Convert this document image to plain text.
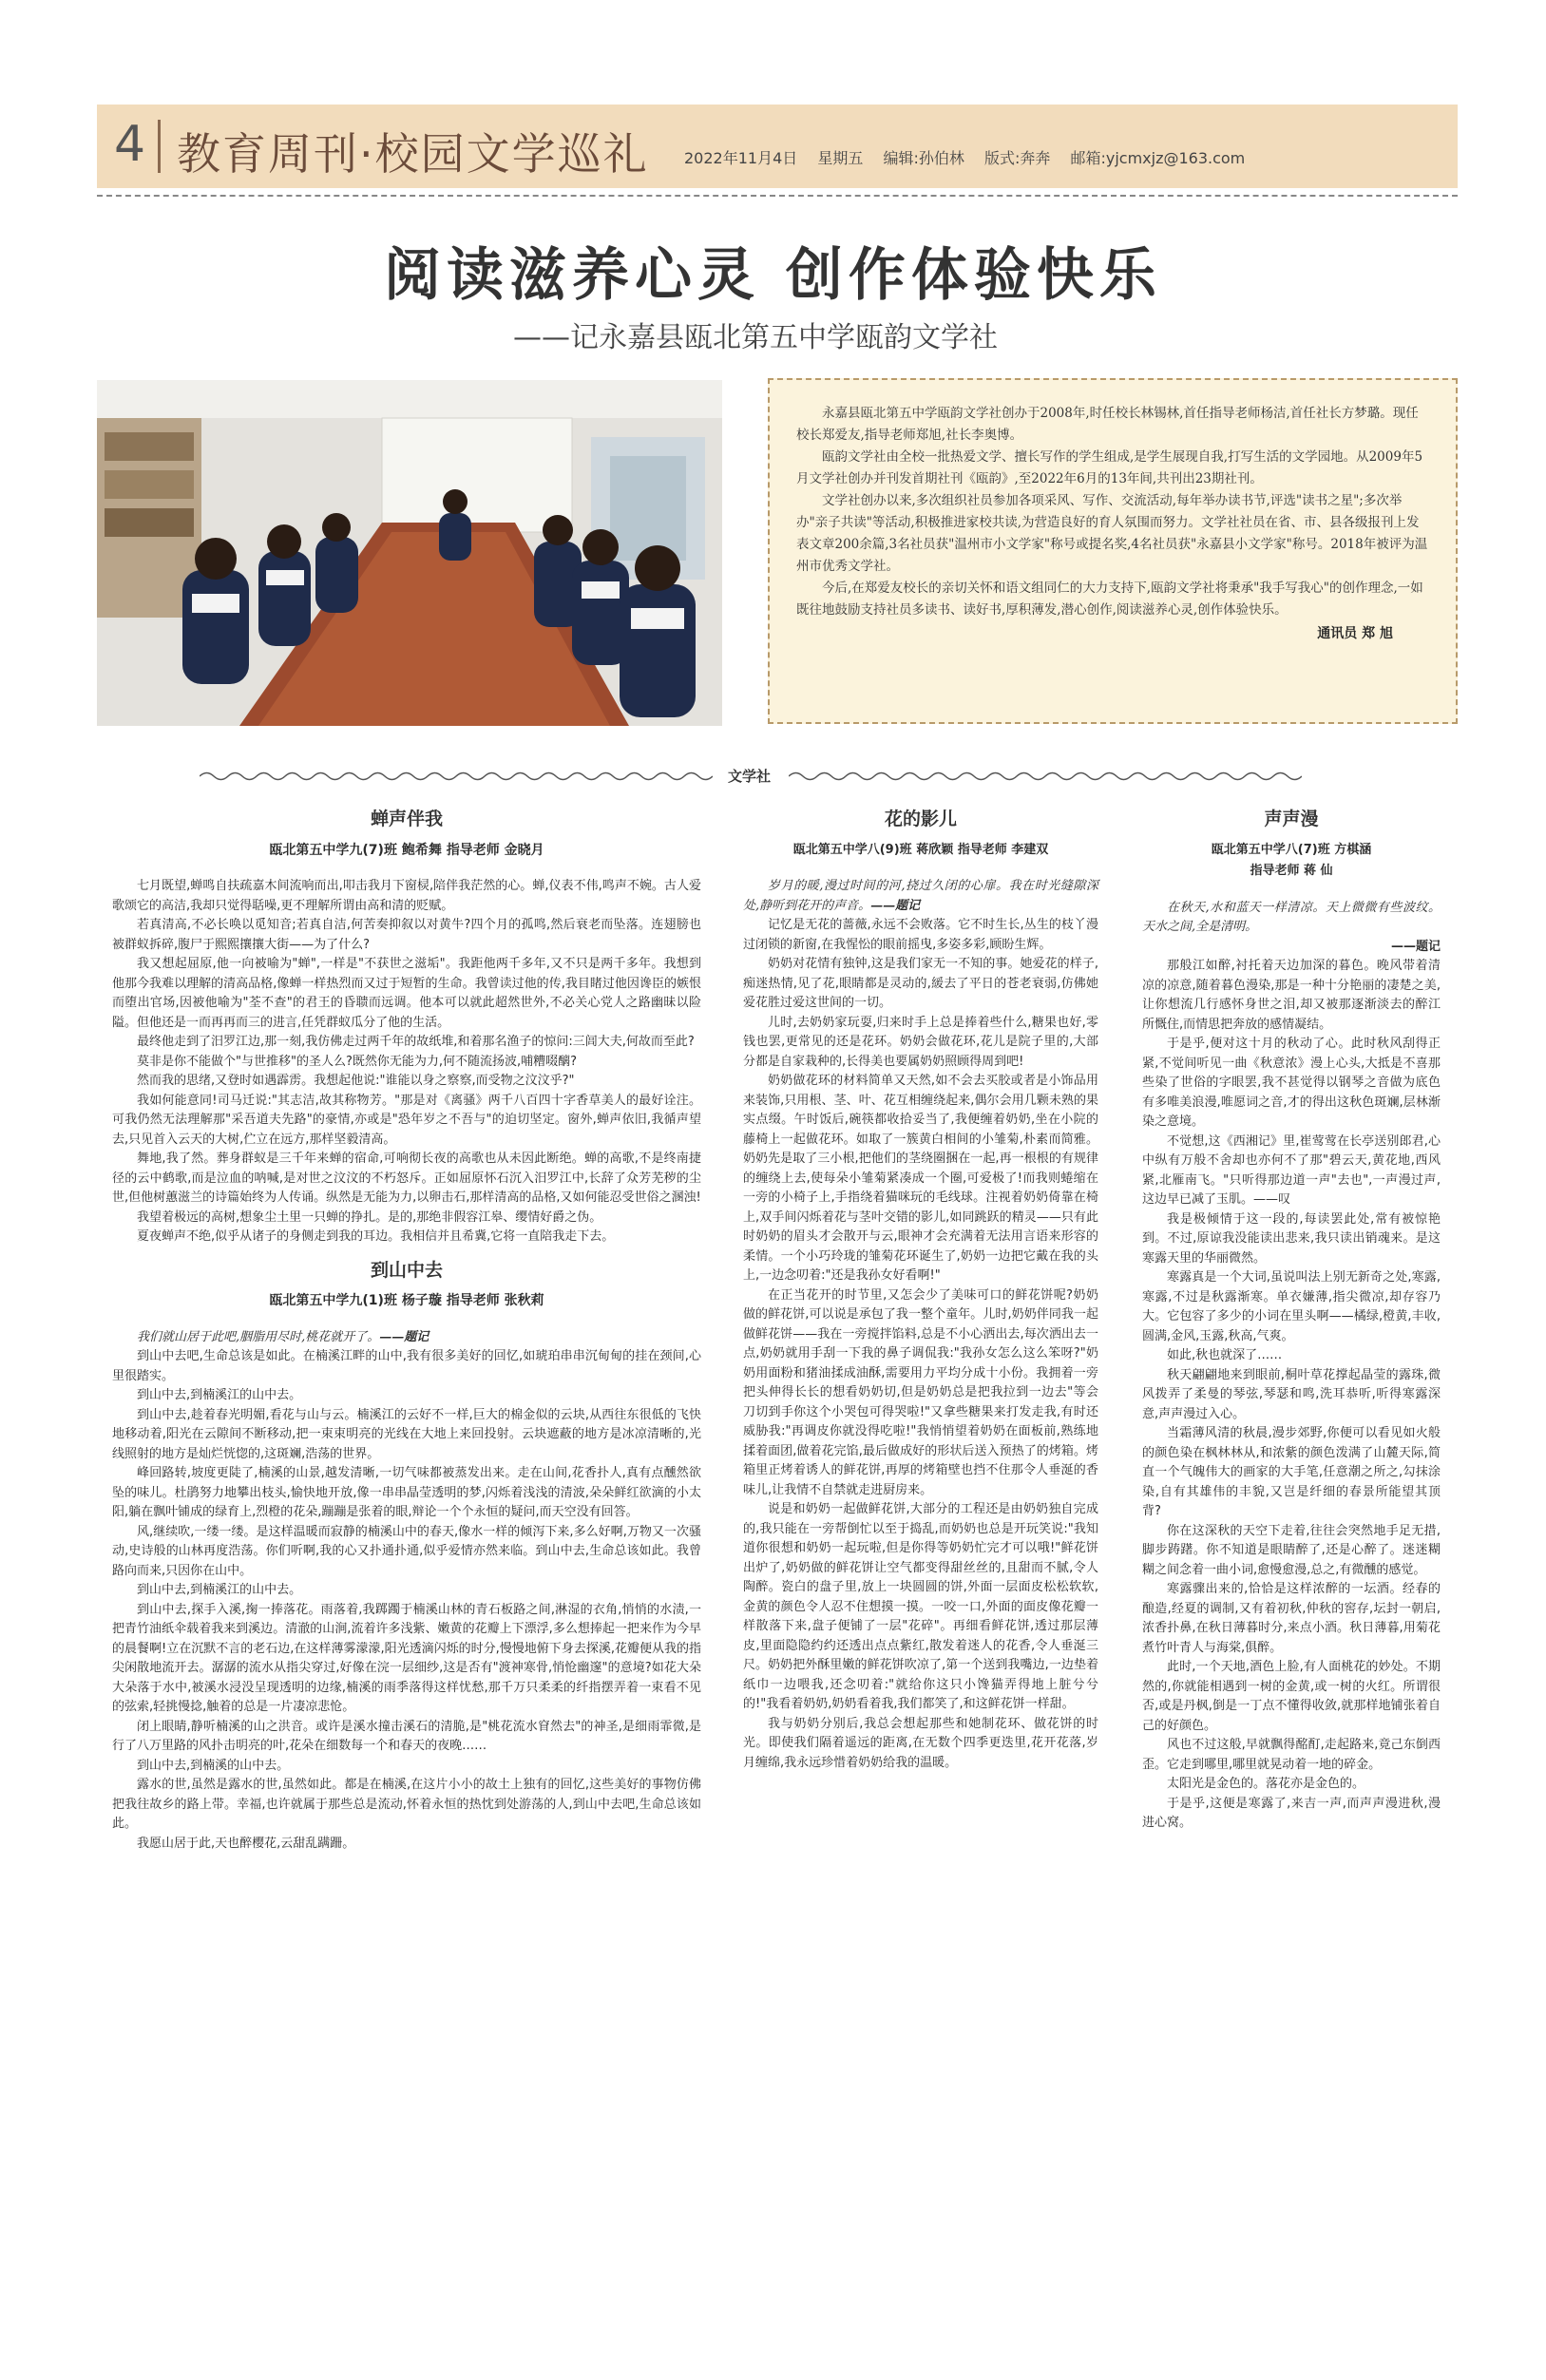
4 教育周刊·校园文学巡礼 2022年11月4日 星期五 编辑:孙伯林 版式:奔奔 邮箱:yjcmxjz@163.com
阅读滋养心灵 创作体验快乐
——记永嘉县瓯北第五中学瓯韵文学社

永嘉县瓯北第五中学瓯韵文学社创办于2008年,时任校长林锡林,首任指导老师杨洁,首任社长方梦璐。现任校长郑爱友,指导老师郑旭,社长李奥博。

瓯韵文学社由全校一批热爱文学、擅长写作的学生组成,是学生展现自我,打写生活的文学园地。从2009年5月文学社创办并刊发首期社刊《瓯韵》,至2022年6月的13年间,共刊出23期社刊。

文学社创办以来,多次组织社员参加各项采风、写作、交流活动,每年举办读书节,评选"读书之星";多次举办"亲子共读"等活动,积极推进家校共读,为营造良好的育人氛围而努力。文学社社员在省、市、县各级报刊上发表文章200余篇,3名社员获"温州市小文学家"称号或提名奖,4名社员获"永嘉县小文学家"称号。2018年被评为温州市优秀文学社。

今后,在郑爱友校长的亲切关怀和语文组同仁的大力支持下,瓯韵文学社将秉承"我手写我心"的创作理念,一如既往地鼓励支持社员多读书、读好书,厚积薄发,潜心创作,阅读滋养心灵,创作体验快乐。

通讯员 郑 旭
文学社
蝉声伴我
瓯北第五中学九(7)班 鲍希舞 指导老师 金晓月

七月既望,蝉鸣自扶疏嘉木间流响而出,叩击我月下窗棂,陪伴我茫然的心。蝉,仪表不伟,鸣声不婉。古人爱歌颂它的高洁,我却只觉得聒噪,更不理解所谓由高和清的贬赋。

若真清高,不必长唤以觅知音;若真自洁,何苦奏抑叙以对黄牛?四个月的孤鸣,然后衰老而坠落。连翅膀也被群蚁拆碎,腹尸于熙熙攘攘大街——为了什么?

我又想起屈原,他一向被喻为"蝉",一样是"不获世之滋垢"。我距他两千多年,又不只是两千多年。我想到他那今我难以理解的清高品格,像蝉一样热烈而又过于短暂的生命。我曾读过他的传,我目睹过他因谗臣的嫉恨而堕出官场,因被他喻为"荃不查"的君王的昏聩而远调。他本可以就此超然世外,不必关心党人之路幽昧以险隘。但他还是一而再再而三的进言,任凭群蚁瓜分了他的生活。

最终他走到了汨罗江边,那一刻,我仿佛走过两千年的故纸堆,和着那名渔子的惊问:三闾大夫,何故而至此?

莫非是你不能做个"与世推移"的圣人么?既然你无能为力,何不随流扬波,哺糟啜醨?

然而我的思绪,又登时如遇霹雳。我想起他说:"谁能以身之察察,而受物之汶汶乎?"

我如何能意同!司马迁说:"其志洁,故其称物芳。"那是对《离骚》两千八百四十字香草美人的最好诠注。可我仍然无法理解那"采吾道夫先路"的豪情,亦或是"恐年岁之不吾与"的迫切坚定。窗外,蝉声依旧,我循声望去,只见首入云天的大树,伫立在远方,那样坚毅清高。

舞地,我了然。葬身群蚁是三千年来蝉的宿命,可响彻长夜的高歌也从未因此断绝。蝉的高歌,不是终南捷径的云中鹤歌,而是泣血的呐喊,是对世之汶汶的不朽怒斥。正如屈原怀石沉入汨罗江中,长辞了众芳芜秽的尘世,但他树蕙滋兰的诗篇始终为人传诵。纵然是无能为力,以卵击石,那样清高的品格,又如何能忍受世俗之溷浊!

我望着极远的高树,想象尘土里一只蝉的挣扎。是的,那绝非假容江皋、缨情好爵之伪。

夏夜蝉声不绝,似乎从诸子的身侧走到我的耳边。我相信并且希冀,它将一直陪我走下去。

到山中去
瓯北第五中学九(1)班 杨子璇 指导老师 张秋莉

我们就山居于此吧,胭脂用尽时,桃花就开了。——题记

到山中去吧,生命总该是如此。在楠溪江畔的山中,我有很多美好的回忆,如琥珀串串沉甸甸的挂在颈间,心里很踏实。

到山中去,到楠溪江的山中去。

到山中去,趁着春光明媚,看花与山与云。楠溪江的云好不一样,巨大的棉金似的云块,从西往东很低的飞快地移动着,阳光在云隙间不断移动,把一束束明亮的光线在大地上来回投射。云块遮蔽的地方是冰凉清晰的,光线照射的地方是灿烂恍惚的,这斑斓,浩荡的世界。

峰回路转,坡度更陡了,楠溪的山景,越发清晰,一切气味都被蒸发出来。走在山间,花香扑人,真有点醺然欲坠的味儿。杜鹃努力地攀出枝头,愉快地开放,像一串串晶莹透明的梦,闪烁着浅浅的清波,朵朵鲜红欲滴的小太阳,躺在飘叶铺成的绿育上,烈橙的花朵,蹦蹦是张着的眼,辩论一个个永恒的疑问,而天空没有回答。

风,继续吹,一缕一缕。是这样温暖而寂静的楠溪山中的春天,像水一样的倾泻下来,多么好啊,万物又一次骚动,史诗般的山林再度浩荡。你们听啊,我的心又扑通扑通,似乎爱情亦然来临。到山中去,生命总该如此。我曾路向而来,只因你在山中。

到山中去,到楠溪江的山中去。

到山中去,探手入溪,掬一捧落花。雨落着,我踯躅于楠溪山林的青石板路之间,淋湿的衣角,悄悄的水渍,一把青竹油纸伞载着我来到溪边。清澈的山涧,流着许多浅紫、嫩黄的花瓣上下漂浮,多么想捧起一把来作为今早的晨餐啊!立在沉默不言的老石边,在这样薄雾濛濛,阳光透滴闪烁的时分,慢慢地俯下身去探溪,花瓣便从我的指尖闲散地流开去。潺潺的流水从指尖穿过,好像在浣一层细纱,这是否有"渡神寒骨,悄怆幽邃"的意境?如花大朵大朵落于水中,被溪水浸没呈现透明的边缘,楠溪的雨季落得这样忧愁,那千万只柔柔的纤指摆弄着一束看不见的弦索,轻挑慢捻,触着的总是一片凄凉悲怆。

闭上眼睛,静听楠溪的山之洪音。或许是溪水撞击溪石的清脆,是"桃花流水窅然去"的神圣,是细雨霏微,是行了八万里路的风扑击明亮的叶,花朵在细数每一个和春天的夜晚……

到山中去,到楠溪的山中去。

露水的世,虽然是露水的世,虽然如此。都是在楠溪,在这片小小的故土上独有的回忆,这些美好的事物仿佛把我往故乡的路上带。幸福,也许就属于那些总是流动,怀着永恒的热忱到处游荡的人,到山中去吧,生命总该如此。

我愿山居于此,天也醉樱花,云甜乱蹒跚。

花的影儿
瓯北第五中学八(9)班 蒋欣颖 指导老师 李建双

岁月的暖,漫过时间的河,挠过久闭的心扉。我在时光缝隙深处,静听到花开的声音。——题记

记忆是无花的蔷薇,永远不会败落。它不时生长,丛生的枝丫漫过闭锁的新窗,在我惺忪的眼前摇曳,多姿多彩,顾盼生辉。

奶奶对花情有独钟,这是我们家无一不知的事。她爱花的样子,痴迷热情,见了花,眼睛都是灵动的,緩去了平日的苍老衰弱,仿佛她爱花胜过爱这世间的一切。

儿时,去奶奶家玩耍,归来时手上总是捧着些什么,糖果也好,零钱也罢,更常见的还是花环。奶奶会做花环,花儿是院子里的,大部分都是自家栽种的,长得美也要属奶奶照顾得周到吧!

奶奶做花环的材料简单又天然,如不会去买胶或者是小饰品用来装饰,只用根、茎、叶、花互相缠绕起来,偶尔会用几颗未熟的果实点缀。午时饭后,碗筷都收拾妥当了,我便缠着奶奶,坐在小院的藤椅上一起做花环。如取了一簇黄白相间的小雏菊,朴素而简雅。奶奶先是取了三小根,把他们的茎绕圈捆在一起,再一根根的有规律的缠绕上去,使每朵小雏菊紧凑成一个圈,可爱极了!而我则蜷缩在一旁的小椅子上,手指绕着猫咪玩的毛线球。注视着奶奶倚靠在椅上,双手间闪烁着花与茎叶交错的影儿,如同跳跃的精灵——只有此时奶奶的眉头才会散开与云,眼神才会充满着无法用言语来形容的柔情。一个小巧玲珑的雏菊花环诞生了,奶奶一边把它戴在我的头上,一边念叨着:"还是我孙女好看啊!"

在正当花开的时节里,又怎会少了美味可口的鲜花饼呢?奶奶做的鲜花饼,可以说是承包了我一整个童年。儿时,奶奶伴同我一起做鲜花饼——我在一旁搅拌馅料,总是不小心洒出去,每次洒出去一点,奶奶就用手刮一下我的鼻子调侃我:"我孙女怎么这么笨呀?"奶奶用面粉和猪油揉成油酥,需要用力平均分成十小份。我拥着一旁把头伸得长长的想看奶奶切,但是奶奶总是把我拉到一边去"等会刀切到手你这个小哭包可得哭啦!"又拿些糖果来打发走我,有时还威胁我:"再调皮你就没得吃啦!"我悄悄望着奶奶在面板前,熟练地揉着面团,做着花完馅,最后做成好的形状后送入预热了的烤箱。烤箱里正烤着诱人的鲜花饼,再厚的烤箱壁也挡不住那令人垂涎的香味儿,让我情不自禁就走进厨房来。

说是和奶奶一起做鲜花饼,大部分的工程还是由奶奶独自完成的,我只能在一旁帮倒忙以至于捣乱,而奶奶也总是开玩笑说:"我知道你很想和奶奶一起玩啦,但是你得等奶奶忙完才可以哦!"鲜花饼出炉了,奶奶做的鲜花饼让空气都变得甜丝丝的,且甜而不腻,令人陶醉。瓷白的盘子里,放上一块圆圆的饼,外面一层面皮松松软软,金黄的颜色令人忍不住想摸一摸。一咬一口,外面的面皮像花瓣一样散落下来,盘子便铺了一层"花碎"。再细看鲜花饼,透过那层薄皮,里面隐隐约约还透出点点紫红,散发着迷人的花香,令人垂涎三尺。奶奶把外酥里嫩的鲜花饼吹凉了,第一个送到我嘴边,一边垫着纸巾一边喂我,还念叨着:"就给你这只小馋猫弄得地上脏兮兮的!"我看着奶奶,奶奶看着我,我们都笑了,和这鲜花饼一样甜。

我与奶奶分别后,我总会想起那些和她制花环、做花饼的时光。即使我们隔着遥远的距离,在无数个四季更迭里,花开花落,岁月缠绵,我永远珍惜着奶奶给我的温暖。

声声漫
瓯北第五中学八(7)班 方棋涵
指导老师 蒋 仙

在秋天,水和蓝天一样清凉。天上微微有些波纹。天水之间,全是清明。

——题记

那般江如醉,衬托着天边加深的暮色。晚风带着清凉的凉意,随着暮色漫染,那是一种十分艳丽的凄楚之美,让你想流几行感怀身世之泪,却又被那逐渐淡去的醉江所慨住,而情思把奔放的感情凝结。

于是乎,便对这十月的秋动了心。此时秋风刮得正紧,不觉间听见一曲《秋意浓》漫上心头,大抵是不喜那些染了世俗的字眼罢,我不甚觉得以钢琴之音做为底色有多唯美浪漫,唯愿词之音,才的得出这秋色斑斓,层林渐染之意境。

不觉想,这《西湘记》里,崔莺莺在长亭送别郎君,心中纵有万般不舍却也亦何不了那"碧云天,黄花地,西风紧,北雁南飞。"只听得那边道一声"去也",一声漫过声,这边早已减了玉肌。——叹

我是极倾情于这一段的,每读罢此处,常有被惊艳到。不过,原谅我没能读出悲来,我只读出销魂来。是这寒露天里的华丽微然。

寒露真是一个大词,虽说叫法上别无新奇之处,寒露,寒露,不过是秋露渐寒。单衣嫌薄,指尖微凉,却存容乃大。它包容了多少的小词在里头啊——橘绿,橙黄,丰收,圆满,金风,玉露,秋高,气爽。

如此,秋也就深了……

秋天翩翩地来到眼前,桐叶草花撑起晶莹的露珠,微风拨弄了柔曼的琴弦,琴瑟和鸣,洗耳恭听,听得寒露深意,声声漫过入心。

当霜薄风清的秋晨,漫步郊野,你便可以看见如火般的颜色染在枫林林从,和浓紫的颜色泼满了山麓天际,简直一个气魄伟大的画家的大手笔,任意潮之所之,勾抹涂染,自有其雄伟的丰貌,又岂是纤细的春景所能望其顶背?

你在这深秋的天空下走着,往往会突然地手足无措,脚步踌躇。你不知道是眼睛醉了,还是心醉了。迷迷糊糊之间念着一曲小词,愈慢愈漫,总之,有微醺的感觉。

寒露骤出来的,恰恰是这样浓醉的一坛酒。经春的酿造,经夏的调制,又有着初秋,仲秋的窖存,坛封一朝启,浓香扑鼻,在秋日薄暮时分,来点小酒。秋日薄暮,用菊花煮竹叶青人与海棠,俱醉。

此时,一个天地,酒色上脸,有人面桃花的妙处。不期然的,你就能相遇到一树的金黄,或一树的火红。所谓很否,或是丹枫,倒是一丁点不懂得收敛,就那样地铺张着自己的好颜色。

风也不过这般,早就飘得酩酊,走起路来,竟己东倒西歪。它走到哪里,哪里就晃动着一地的碎金。

太阳光是金色的。落花亦是金色的。

于是乎,这便是寒露了,来吉一声,而声声漫进秋,漫进心窝。
